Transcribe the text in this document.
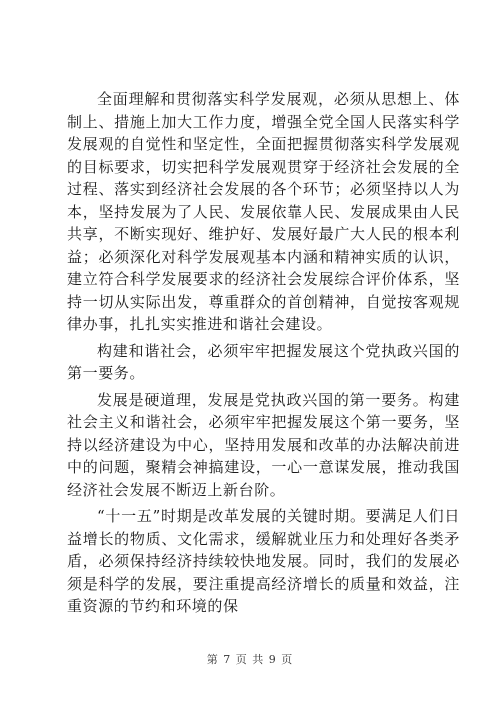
全面理解和贯彻落实科学发展观，必须从思想上、体制上、措施上加大工作力度，增强全党全国人民落实科学发展观的自觉性和坚定性，全面把握贯彻落实科学发展观的目标要求，切实把科学发展观贯穿于经济社会发展的全过程、落实到经济社会发展的各个环节；必须坚持以人为本，坚持发展为了人民、发展依靠人民、发展成果由人民共享，不断实现好、维护好、发展好最广大人民的根本利益；必须深化对科学发展观基本内涵和精神实质的认识，建立符合科学发展要求的经济社会发展综合评价体系，坚持一切从实际出发，尊重群众的首创精神，自觉按客观规律办事，扎扎实实推进和谐社会建设。

构建和谐社会，必须牢牢把握发展这个党执政兴国的第一要务。

发展是硬道理，发展是党执政兴国的第一要务。构建社会主义和谐社会，必须牢牢把握发展这个第一要务，坚持以经济建设为中心，坚持用发展和改革的办法解决前进中的问题，聚精会神搞建设，一心一意谋发展，推动我国经济社会发展不断迈上新台阶。

“十一五”时期是改革发展的关键时期。要满足人们日益增长的物质、文化需求，缓解就业压力和处理好各类矛盾，必须保持经济持续较快地发展。同时，我们的发展必须是科学的发展，要注重提高经济增长的质量和效益，注重资源的节约和环境的保

第 7 页 共 9 页
